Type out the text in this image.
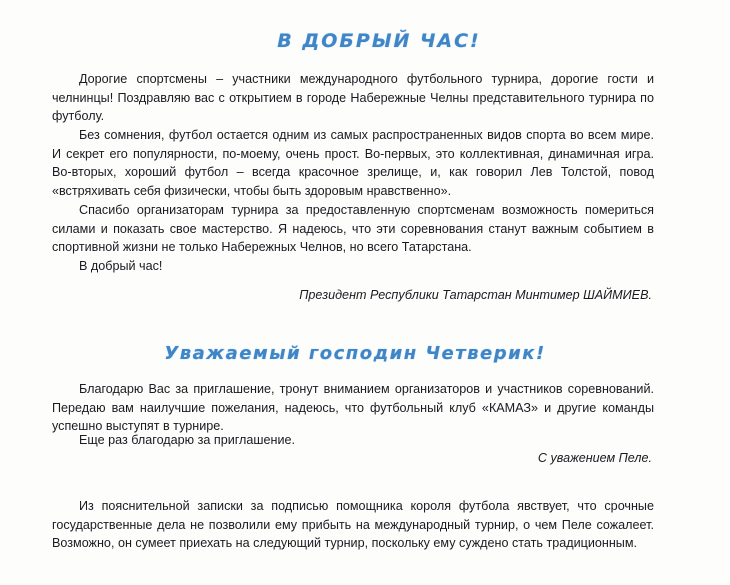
В ДОБРЫЙ ЧАС!

Дорогие спортсмены – участники международного футбольного турнира, дорогие гости и челнинцы! Поздравляю вас с открытием в городе Набережные Челны представительного турнира по футболу.

Без сомнения, футбол остается одним из самых распространенных видов спорта во всем мире. И секрет его популярности, по-моему, очень прост. Во-первых, это коллективная, динамичная игра. Во-вторых, хороший футбол – всегда красочное зрелище, и, как говорил Лев Толстой, повод «встряхивать себя физически, чтобы быть здоровым нравственно».

Спасибо организаторам турнира за предоставленную спортсменам возможность помериться силами и показать свое мастерство. Я надеюсь, что эти соревнования станут важным событием в спортивной жизни не только Набережных Челнов, но всего Татарстана.

В добрый час!

Президент Республики Татарстан Минтимер ШАЙМИЕВ.

Уважаемый господин Четверик!

Благодарю Вас за приглашение, тронут вниманием организаторов и участников соревнований. Передаю вам наилучшие пожелания, надеюсь, что футбольный клуб «КАМАЗ» и другие команды успешно выступят в турнире.

Еще раз благодарю за приглашение.

С уважением Пеле.

Из пояснительной записки за подписью помощника короля футбола явствует, что срочные государственные дела не позволили ему прибыть на международный турнир, о чем Пеле сожалеет. Возможно, он сумеет приехать на следующий турнир, поскольку ему суждено стать традиционным.
